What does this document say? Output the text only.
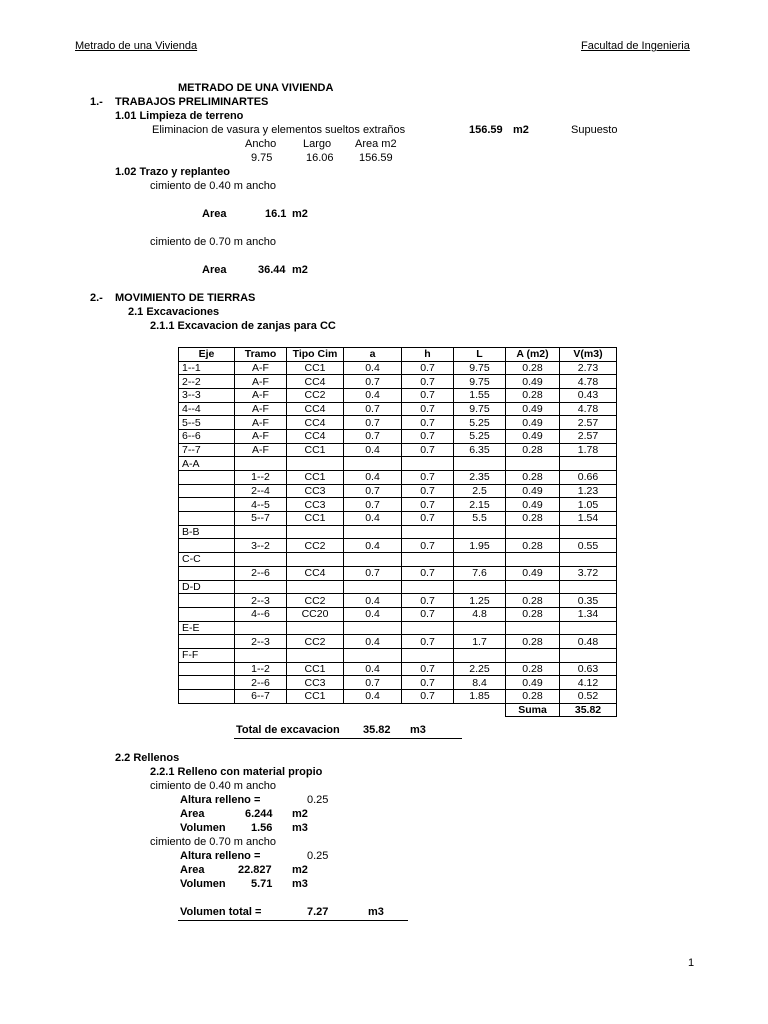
Metrado de una Vivienda	Facultad de Ingenieria
METRADO DE UNA VIVIENDA
1.- TRABAJOS PRELIMINARTES
1.01 Limpieza de terreno
Eliminacion de vasura y elementos sueltos extraños	156.59 m2	Supuesto
Ancho Largo Area m2
9.75	16.06 156.59
1.02 Trazo y replanteo
cimiento de 0.40 m ancho
Area	16.1 m2
cimiento de 0.70 m ancho
Area	36.44 m2
2.- MOVIMIENTO DE TIERRAS
2.1 Excavaciones
2.1.1 Excavacion de zanjas para CC
Eje	Tramo	Tipo Cim	a	h	L	A (m2)	V(m3)
1--1	A-F	CC1	0.4	0.7	9.75	0.28	2.73
2--2	A-F	CC4	0.7	0.7	9.75	0.49	4.78
3--3	A-F	CC2	0.4	0.7	1.55	0.28	0.43
4--4	A-F	CC4	0.7	0.7	9.75	0.49	4.78
5--5	A-F	CC4	0.7	0.7	5.25	0.49	2.57
6--6	A-F	CC4	0.7	0.7	5.25	0.49	2.57
7--7	A-F	CC1	0.4	0.7	6.35	0.28	1.78
A-A							
	1--2	CC1	0.4	0.7	2.35	0.28	0.66
	2--4	CC3	0.7	0.7	2.5	0.49	1.23
	4--5	CC3	0.7	0.7	2.15	0.49	1.05
	5--7	CC1	0.4	0.7	5.5	0.28	1.54
B-B							
	3--2	CC2	0.4	0.7	1.95	0.28	0.55
C-C							
	2--6	CC4	0.7	0.7	7.6	0.49	3.72
D-D							
	2--3	CC2	0.4	0.7	1.25	0.28	0.35
	4--6	CC20	0.4	0.7	4.8	0.28	1.34
E-E							
	2--3	CC2	0.4	0.7	1.7	0.28	0.48
F-F							
	1--2	CC1	0.4	0.7	2.25	0.28	0.63
	2--6	CC3	0.7	0.7	8.4	0.49	4.12
	6--7	CC1	0.4	0.7	1.85	0.28	0.52
						Suma	35.82
Total de excavacion 35.82 m3
2.2 Rellenos
2.2.1 Relleno con material propio
cimiento de 0.40 m ancho
Altura relleno =	0.25
Area	6.244 m2
Volumen 1.56 m3
cimiento de 0.70 m ancho
Altura relleno =	0.25
Area	22.827 m2
Volumen 5.71 m3
Volumen total =	7.27	m3
1
